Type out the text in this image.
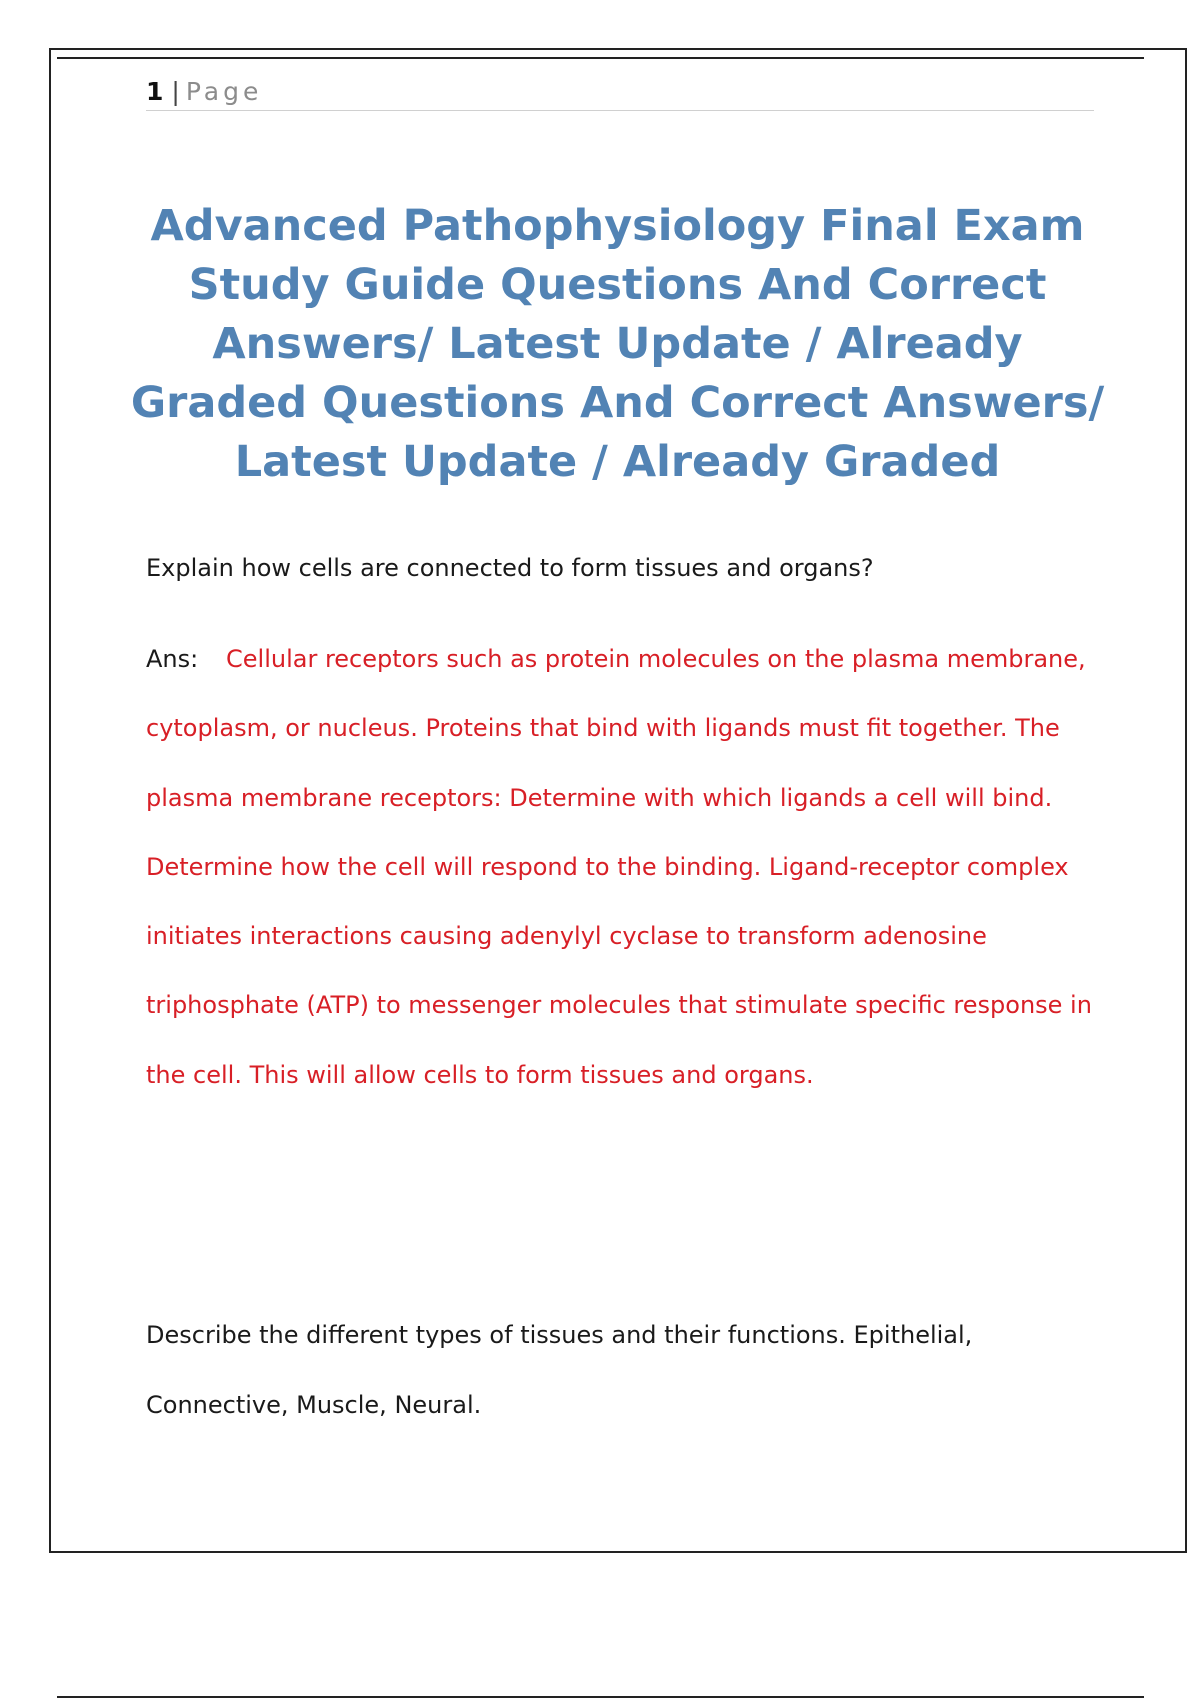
1 | Page
Advanced Pathophysiology Final Exam Study Guide Questions And Correct Answers/ Latest Update / Already Graded Questions And Correct Answers/ Latest Update / Already Graded

Explain how cells are connected to form tissues and organs?

Ans: Cellular receptors such as protein molecules on the plasma membrane, cytoplasm, or nucleus. Proteins that bind with ligands must fit together. The plasma membrane receptors: Determine with which ligands a cell will bind. Determine how the cell will respond to the binding. Ligand-receptor complex initiates interactions causing adenylyl cyclase to transform adenosine triphosphate (ATP) to messenger molecules that stimulate specific response in the cell. This will allow cells to form tissues and organs.

Describe the different types of tissues and their functions. Epithelial, Connective, Muscle, Neural.
